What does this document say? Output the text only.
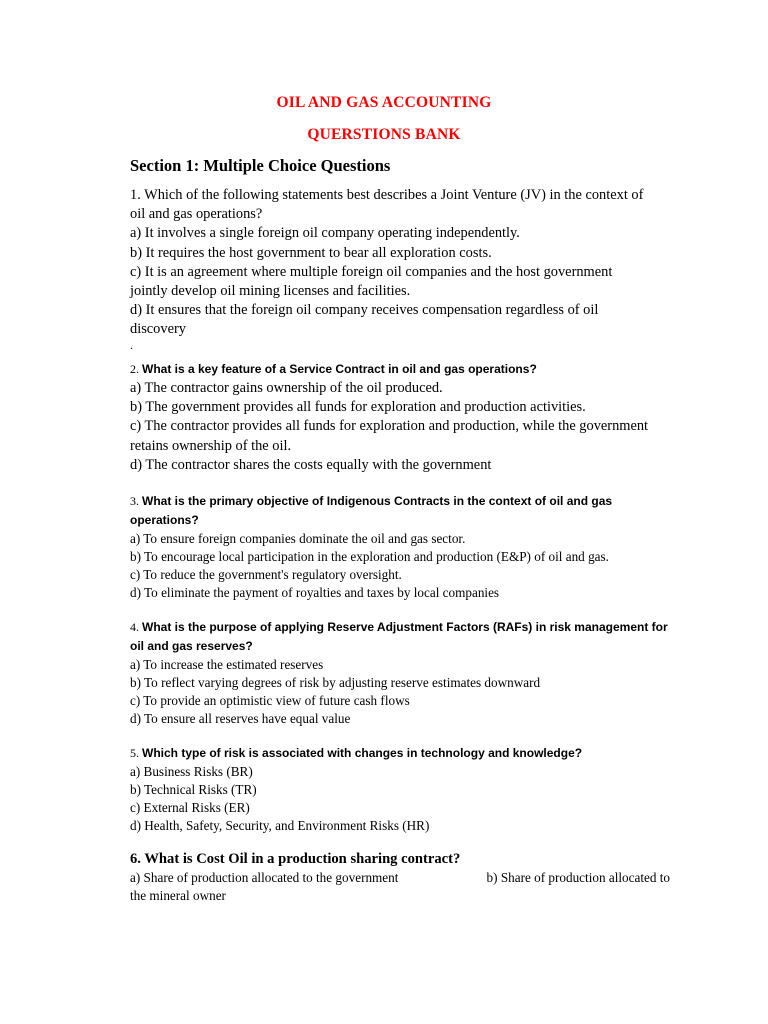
OIL AND GAS ACCOUNTING
QUERSTIONS BANK
Section 1: Multiple Choice Questions
1. Which of the following statements best describes a Joint Venture (JV) in the context of
oil and gas operations?
a) It involves a single foreign oil company operating independently.
b) It requires the host government to bear all exploration costs.
c) It is an agreement where multiple foreign oil companies and the host government
jointly develop oil mining licenses and facilities.
d) It ensures that the foreign oil company receives compensation regardless of oil
discovery
.
2. What is a key feature of a Service Contract in oil and gas operations?
a) The contractor gains ownership of the oil produced.
b) The government provides all funds for exploration and production activities.
c) The contractor provides all funds for exploration and production, while the government
retains ownership of the oil.
d) The contractor shares the costs equally with the government
3. What is the primary objective of Indigenous Contracts in the context of oil and gas
operations?
a) To ensure foreign companies dominate the oil and gas sector.
b) To encourage local participation in the exploration and production (E&P) of oil and gas.
c) To reduce the government's regulatory oversight.
d) To eliminate the payment of royalties and taxes by local companies
4. What is the purpose of applying Reserve Adjustment Factors (RAFs) in risk management for
oil and gas reserves?
a) To increase the estimated reserves
b) To reflect varying degrees of risk by adjusting reserve estimates downward
c) To provide an optimistic view of future cash flows
d) To ensure all reserves have equal value
5. Which type of risk is associated with changes in technology and knowledge?
a) Business Risks (BR)
b) Technical Risks (TR)
c) External Risks (ER)
d) Health, Safety, Security, and Environment Risks (HR)
6. What is Cost Oil in a production sharing contract?
a) Share of production allocated to the government	b) Share of production allocated to
the mineral owner
